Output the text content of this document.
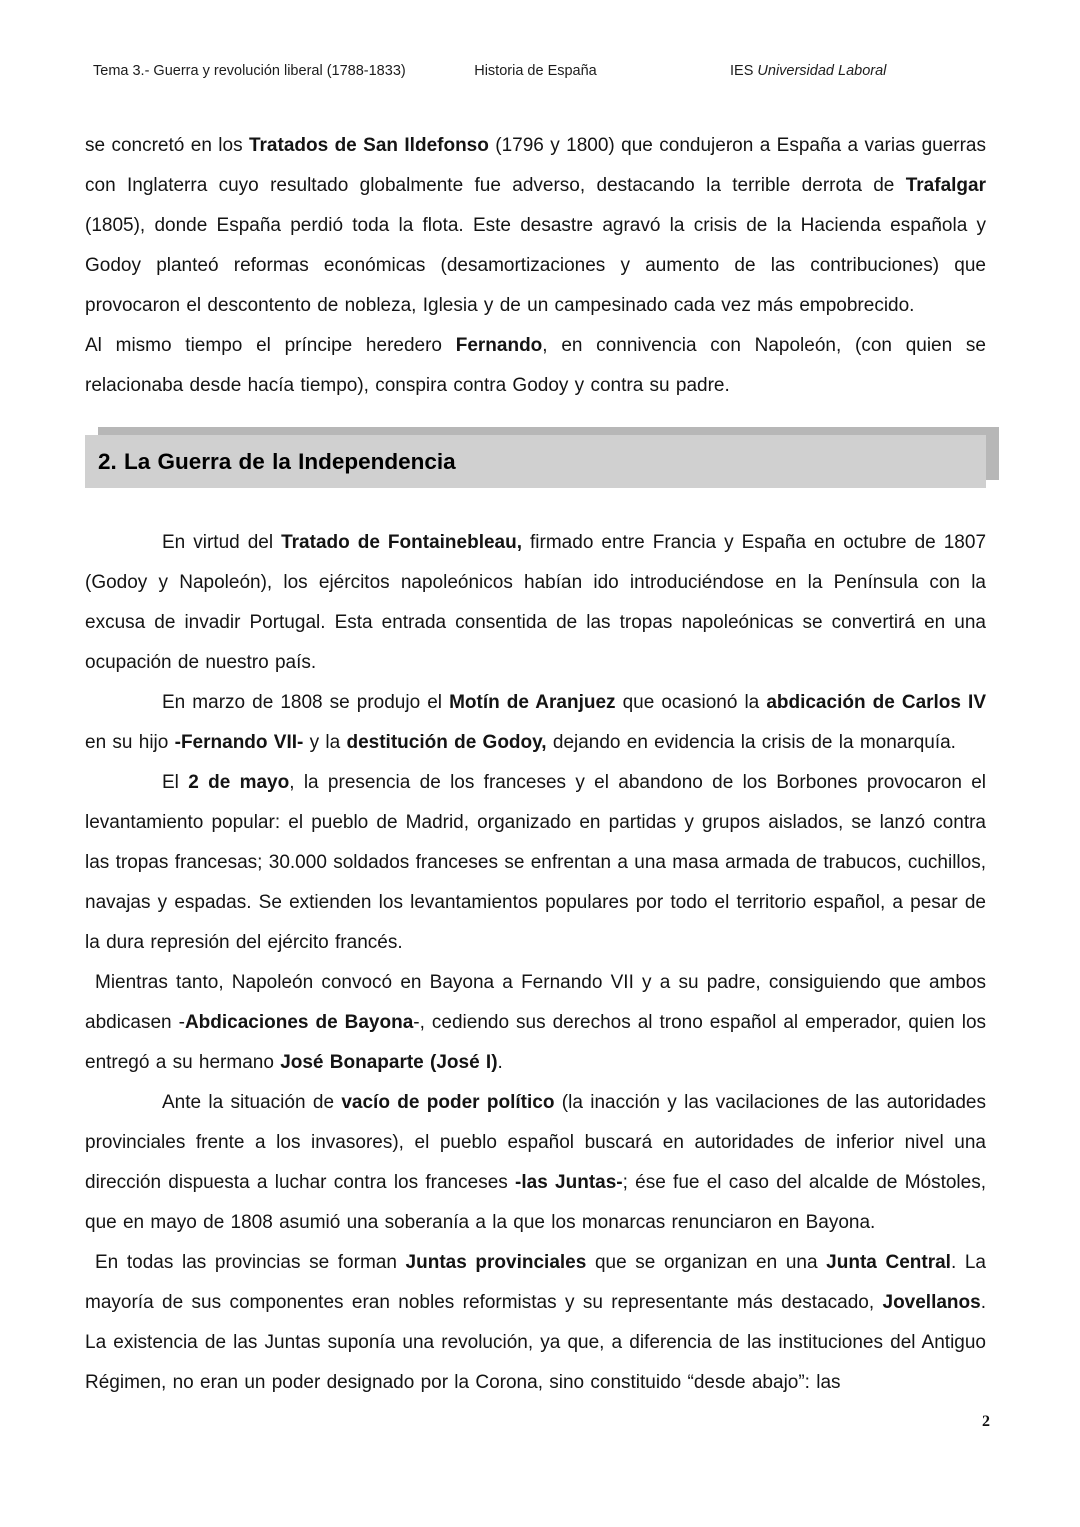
Tema 3.- Guerra y revolución liberal (1788-1833)	Historia de España	IES Universidad Laboral

se concretó en los Tratados de San Ildefonso (1796 y 1800) que condujeron a España a varias guerras con Inglaterra cuyo resultado globalmente fue adverso, destacando la terrible derrota de Trafalgar (1805), donde España perdió toda la flota. Este desastre agravó la crisis de la Hacienda española y Godoy planteó reformas económicas (desamortizaciones y aumento de las contribuciones) que provocaron el descontento de nobleza, Iglesia y de un campesinado cada vez más empobrecido.

Al mismo tiempo el príncipe heredero Fernando, en connivencia con Napoleón, (con quien se relacionaba desde hacía tiempo), conspira contra Godoy y contra su padre.

2. La Guerra de la Independencia

En virtud del Tratado de Fontainebleau, firmado entre Francia y España en octubre de 1807 (Godoy y Napoleón), los ejércitos napoleónicos habían ido introduciéndose en la Península con la excusa de invadir Portugal. Esta entrada consentida de las tropas napoleónicas se convertirá en una ocupación de nuestro país.

En marzo de 1808 se produjo el Motín de Aranjuez que ocasionó la abdicación de Carlos IV en su hijo -Fernando VII- y la destitución de Godoy, dejando en evidencia la crisis de la monarquía.

El 2 de mayo, la presencia de los franceses y el abandono de los Borbones provocaron el levantamiento popular: el pueblo de Madrid, organizado en partidas y grupos aislados, se lanzó contra las tropas francesas; 30.000 soldados franceses se enfrentan a una masa armada de trabucos, cuchillos, navajas y espadas. Se extienden los levantamientos populares por todo el territorio español, a pesar de la dura represión del ejército francés.

Mientras tanto, Napoleón convocó en Bayona a Fernando VII y a su padre, consiguiendo que ambos abdicasen -Abdicaciones de Bayona-, cediendo sus derechos al trono español al emperador, quien los entregó a su hermano José Bonaparte (José I).

Ante la situación de vacío de poder político (la inacción y las vacilaciones de las autoridades provinciales frente a los invasores), el pueblo español buscará en autoridades de inferior nivel una dirección dispuesta a luchar contra los franceses -las Juntas-; ése fue el caso del alcalde de Móstoles, que en mayo de 1808 asumió una soberanía a la que los monarcas renunciaron en Bayona.

En todas las provincias se forman Juntas provinciales que se organizan en una Junta Central. La mayoría de sus componentes eran nobles reformistas y su representante más destacado, Jovellanos. La existencia de las Juntas suponía una revolución, ya que, a diferencia de las instituciones del Antiguo Régimen, no eran un poder designado por la Corona, sino constituido “desde abajo”: las

2
